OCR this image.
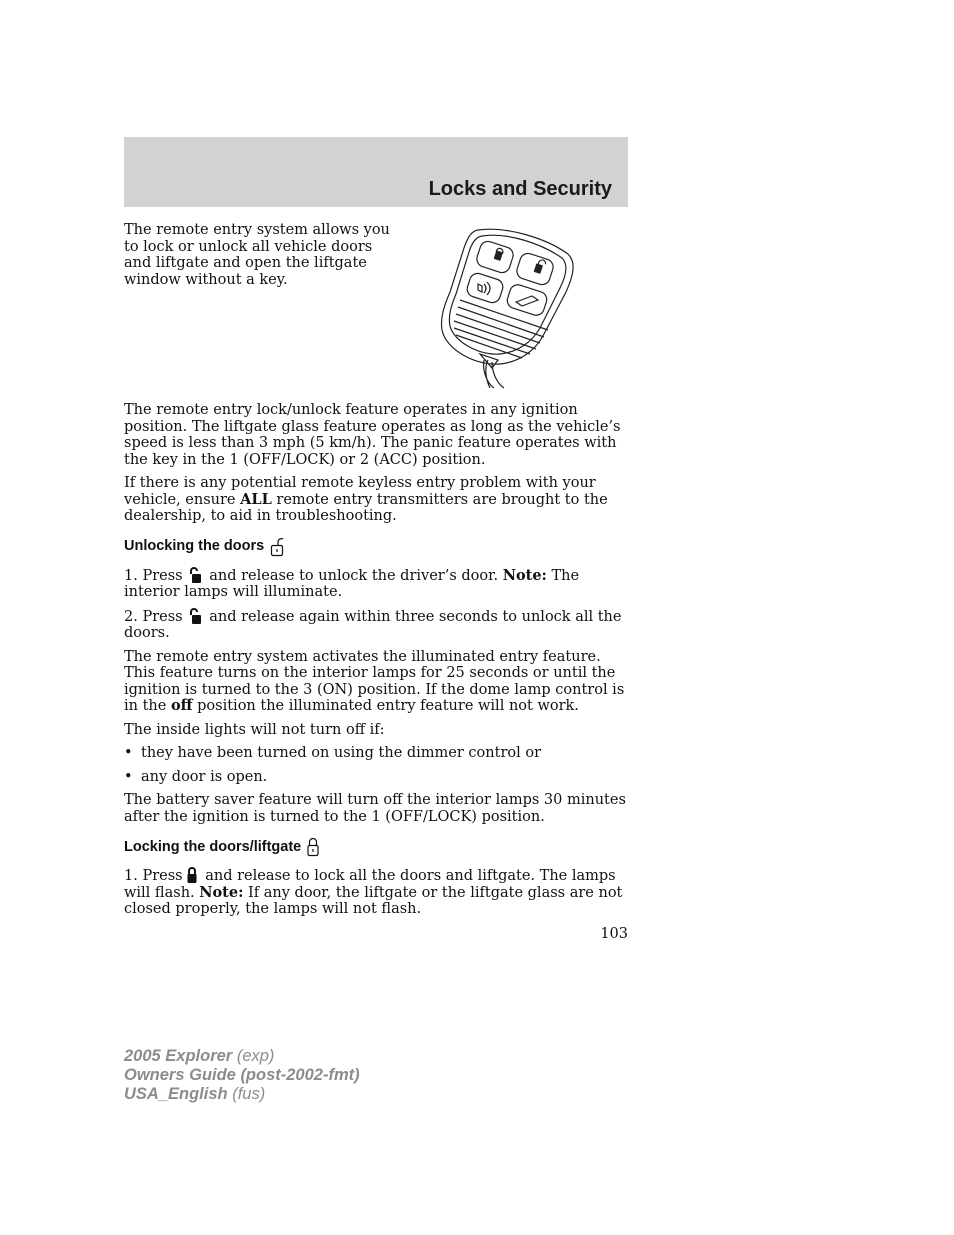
Locks and Security
The remote entry system allows you to lock or unlock all vehicle doors and liftgate and open the liftgate window without a key.

The remote entry lock/unlock feature operates in any ignition position. The liftgate glass feature operates as long as the vehicle’s speed is less than 3 mph (5 km/h). The panic feature operates with the key in the 1 (OFF/LOCK) or 2 (ACC) position.

If there is any potential remote keyless entry problem with your vehicle, ensure ALL remote entry transmitters are brought to the dealership, to aid in troubleshooting.

Unlocking the doors

1. Press and release to unlock the driver’s door. Note: The interior lamps will illuminate.

2. Press and release again within three seconds to unlock all the doors.

The remote entry system activates the illuminated entry feature. This feature turns on the interior lamps for 25 seconds or until the ignition is turned to the 3 (ON) position. If the dome lamp control is in the off position the illuminated entry feature will not work.

The inside lights will not turn off if:

• they have been turned on using the dimmer control or
• any door is open.

The battery saver feature will turn off the interior lamps 30 minutes after the ignition is turned to the 1 (OFF/LOCK) position.

Locking the doors/liftgate

1. Press and release to lock all the doors and liftgate. The lamps will flash. Note: If any door, the liftgate or the liftgate glass are not closed properly, the lamps will not flash.

103
2005 Explorer (exp)
Owners Guide (post-2002-fmt)
USA_English (fus)
